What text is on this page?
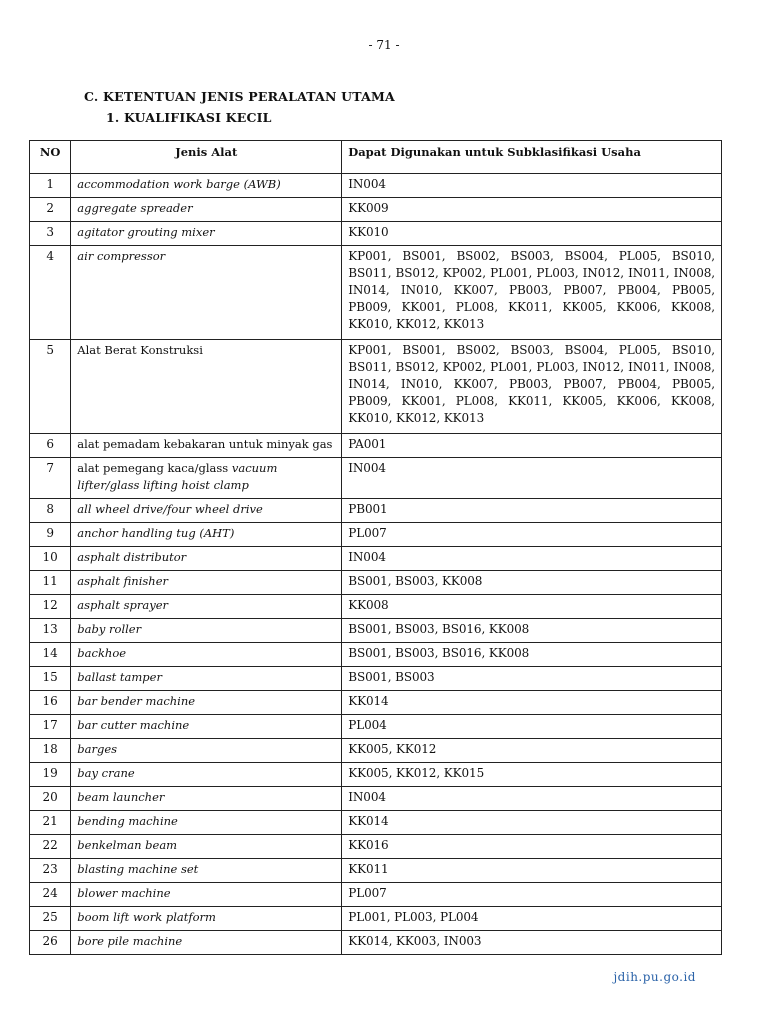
- 71 -
C. KETENTUAN JENIS PERALATAN UTAMA
1. KUALIFIKASI KECIL
NO	Jenis Alat	Dapat Digunakan untuk Subklasifikasi Usaha
1	accommodation work barge (AWB)	IN004
2	aggregate spreader	KK009
3	agitator grouting mixer	KK010
4	air compressor	KP001, BS001, BS002, BS003, BS004, PL005, BS010, BS011, BS012, KP002, PL001, PL003, IN012, IN011, IN008, IN014, IN010, KK007, PB003, PB007, PB004, PB005, PB009, KK001, PL008, KK011, KK005, KK006, KK008, KK010, KK012, KK013
5	Alat Berat Konstruksi	KP001, BS001, BS002, BS003, BS004, PL005, BS010, BS011, BS012, KP002, PL001, PL003, IN012, IN011, IN008, IN014, IN010, KK007, PB003, PB007, PB004, PB005, PB009, KK001, PL008, KK011, KK005, KK006, KK008, KK010, KK012, KK013
6	alat pemadam kebakaran untuk minyak gas	PA001
7	alat pemegang kaca/glass vacuum lifter/glass lifting hoist clamp	IN004
8	all wheel drive/four wheel drive	PB001
9	anchor handling tug (AHT)	PL007
10	asphalt distributor	IN004
11	asphalt finisher	BS001, BS003, KK008
12	asphalt sprayer	KK008
13	baby roller	BS001, BS003, BS016, KK008
14	backhoe	BS001, BS003, BS016, KK008
15	ballast tamper	BS001, BS003
16	bar bender machine	KK014
17	bar cutter machine	PL004
18	barges	KK005, KK012
19	bay crane	KK005, KK012, KK015
20	beam launcher	IN004
21	bending machine	KK014
22	benkelman beam	KK016
23	blasting machine set	KK011
24	blower machine	PL007
25	boom lift work platform	PL001, PL003, PL004
26	bore pile machine	KK014, KK003, IN003
jdih.pu.go.id
